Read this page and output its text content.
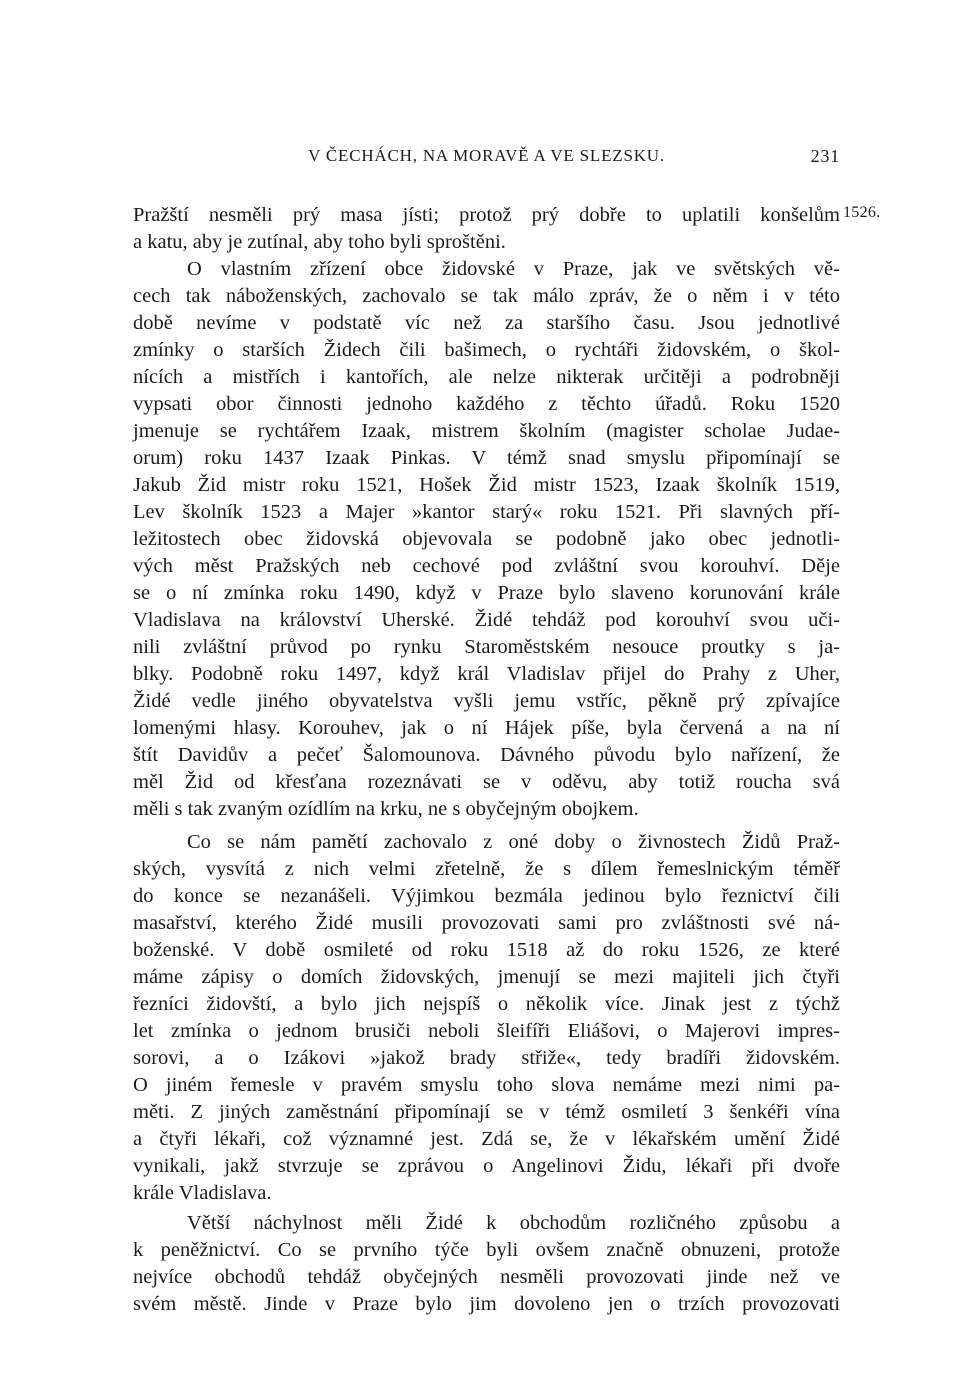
V ČECHÁCH, NA MORAVĚ A VE SLEZSKU.	231
1526.
Pražští nesměli prý masa jísti; protož prý dobře to uplatili konšelům
a katu, aby je zutínal, aby toho byli sproštěni.
O vlastním zřízení obce židovské v Praze, jak ve světských vě-
cech tak náboženských, zachovalo se tak málo zpráv, že o něm i v této
době nevíme v podstatě víc než za staršího času. Jsou jednotlivé
zmínky o starších Židech čili bašimech, o rychtáři židovském, o škol-
nících a mistřích i kantořích, ale nelze nikterak určitěji a podrobněji
vypsati obor činnosti jednoho každého z těchto úřadů. Roku 1520
jmenuje se rychtářem Izaak, mistrem školním (magister scholae Judae-
orum) roku 1437 Izaak Pinkas. V témž snad smyslu připomínají se
Jakub Žid mistr roku 1521, Hošek Žid mistr 1523, Izaak školník 1519,
Lev školník 1523 a Majer »kantor starý« roku 1521. Při slavných pří-
ležitostech obec židovská objevovala se podobně jako obec jednotli-
vých měst Pražských neb cechové pod zvláštní svou korouhví. Děje
se o ní zmínka roku 1490, když v Praze bylo slaveno korunování krále
Vladislava na království Uherské. Židé tehdáž pod korouhví svou uči-
nili zvláštní průvod po rynku Staroměstském nesouce proutky s ja-
blky. Podobně roku 1497, když král Vladislav přijel do Prahy z Uher,
Židé vedle jiného obyvatelstva vyšli jemu vstříc, pěkně prý zpívajíce
lomenými hlasy. Korouhev, jak o ní Hájek píše, byla červená a na ní
štít Davidův a pečeť Šalomounova. Dávného původu bylo nařízení, že
měl Žid od křesťana rozeznávati se v oděvu, aby totiž roucha svá
měli s tak zvaným ozídlím na krku, ne s obyčejným obojkem.
Co se nám pamětí zachovalo z oné doby o živnostech Židů Praž-
ských, vysvítá z nich velmi zřetelně, že s dílem řemeslnickým téměř
do konce se nezanášeli. Výjimkou bezmála jedinou bylo řeznictví čili
masařství, kterého Židé musili provozovati sami pro zvláštnosti své ná-
boženské. V době osmileté od roku 1518 až do roku 1526, ze které
máme zápisy o domích židovských, jmenují se mezi majiteli jich čtyři
řezníci židovští, a bylo jich nejspíš o několik více. Jinak jest z týchž
let zmínka o jednom brusiči neboli šleifíři Eliášovi, o Majerovi impres-
sorovi, a o Izákovi »jakož brady střiže«, tedy bradíři židovském.
O jiném řemesle v pravém smyslu toho slova nemáme mezi nimi pa-
měti. Z jiných zaměstnání připomínají se v témž osmiletí 3 šenkéři vína
a čtyři lékaři, což významné jest. Zdá se, že v lékařském umění Židé
vynikali, jakž stvrzuje se zprávou o Angelinovi Židu, lékaři při dvoře
krále Vladislava.
Větší náchylnost měli Židé k obchodům rozličného způsobu a
k peněžnictví. Co se prvního týče byli ovšem značně obnuzeni, protože
nejvíce obchodů tehdáž obyčejných nesměli provozovati jinde než ve
svém městě. Jinde v Praze bylo jim dovoleno jen o trzích provozovati
